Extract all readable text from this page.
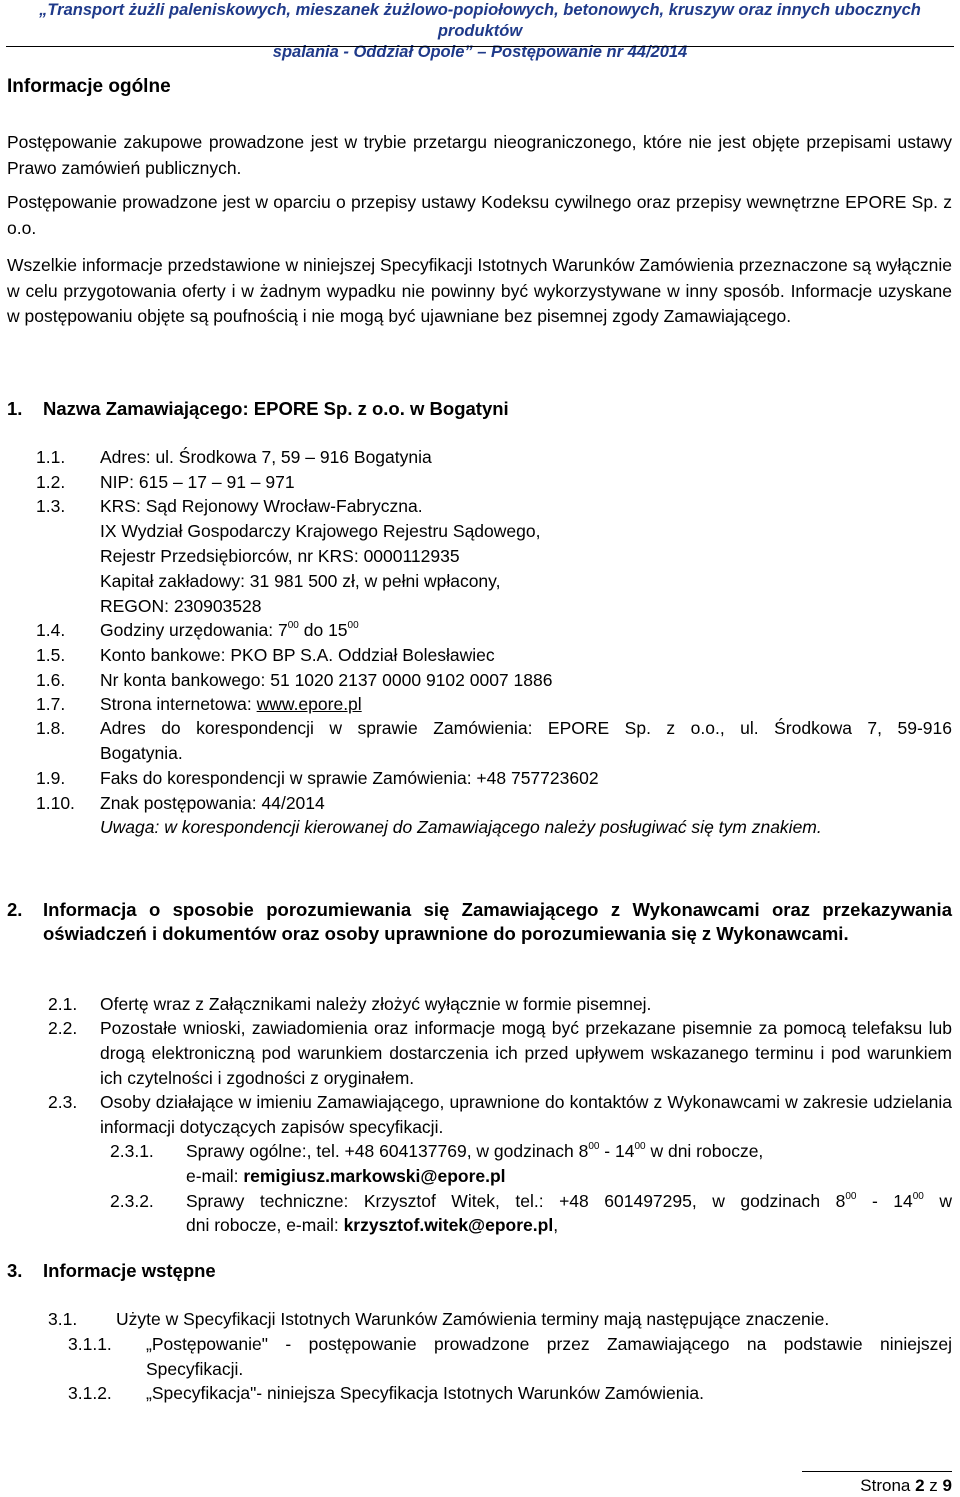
„Transport żużli paleniskowych, mieszanek żużlowo-popiołowych, betonowych, kruszyw oraz innych ubocznych produktów
spalania - Oddział Opole” – Postępowanie nr 44/2014
Informacje ogólne
Postępowanie zakupowe prowadzone jest w trybie przetargu nieograniczonego, które nie jest objęte przepisami ustawy Prawo zamówień publicznych.
Postępowanie prowadzone jest w oparciu o przepisy ustawy Kodeksu cywilnego oraz przepisy wewnętrzne EPORE Sp. z o.o.
Wszelkie informacje przedstawione w niniejszej Specyfikacji Istotnych Warunków Zamówienia przeznaczone są wyłącznie w celu przygotowania oferty i w żadnym wypadku nie powinny być wykorzystywane w inny sposób. Informacje uzyskane w postępowaniu objęte są poufnością i nie mogą być ujawniane bez pisemnej zgody Zamawiającego.
1. Nazwa Zamawiającego: EPORE Sp. z o.o. w Bogatyni
1.1. Adres: ul. Środkowa 7, 59 – 916 Bogatynia
1.2. NIP: 615 – 17 – 91 – 971
1.3. KRS: Sąd Rejonowy Wrocław-Fabryczna.
IX Wydział Gospodarczy Krajowego Rejestru Sądowego,
Rejestr Przedsiębiorców, nr KRS: 0000112935
Kapitał zakładowy: 31 981 500 zł, w pełni wpłacony,
REGON: 230903528
1.4. Godziny urzędowania: $7^{00}$ do $15^{00}$
1.5. Konto bankowe: PKO BP S.A. Oddział Bolesławiec
1.6. Nr konta bankowego: 51 1020 2137 0000 9102 0007 1886
1.7. Strona internetowa: www.epore.pl
1.8. Adres do korespondencji w sprawie Zamówienia: EPORE Sp. z o.o., ul. Środkowa 7, 59-916
Bogatynia.
1.9. Faks do korespondencji w sprawie Zamówienia: +48 757723602
1.10. Znak postępowania: 44/2014
Uwaga: w korespondencji kierowanej do Zamawiającego należy posługiwać się tym znakiem.
2. Informacja o sposobie porozumiewania się Zamawiającego z Wykonawcami oraz przekazywania oświadczeń i dokumentów oraz osoby uprawnione do porozumiewania się z Wykonawcami.
2.1. Ofertę wraz z Załącznikami należy złożyć wyłącznie w formie pisemnej.
2.2. Pozostałe wnioski, zawiadomienia oraz informacje mogą być przekazane pisemnie za pomocą telefaksu lub drogą elektroniczną pod warunkiem dostarczenia ich przed upływem wskazanego terminu i pod warunkiem ich czytelności i zgodności z oryginałem.
2.3. Osoby działające w imieniu Zamawiającego, uprawnione do kontaktów z Wykonawcami w zakresie udzielania informacji dotyczących zapisów specyfikacji.
2.3.1. Sprawy ogólne:, tel. +48 604137769, w godzinach $8^{00} - 14^{00}$ w dni robocze,
e-mail: remigiusz.markowski@epore.pl
2.3.2. Sprawy techniczne: Krzysztof Witek, tel.: +48 601497295, w godzinach $8^{00} - 14^{00}$ w
dni robocze, e-mail: krzysztof.witek@epore.pl,
3. Informacje wstępne
3.1. Użyte w Specyfikacji Istotnych Warunków Zamówienia terminy mają następujące znaczenie.
3.1.1. „Postępowanie" - postępowanie prowadzone przez Zamawiającego na podstawie niniejszej Specyfikacji.
3.1.2. „Specyfikacja"- niniejsza Specyfikacja Istotnych Warunków Zamówienia.
Strona 2 z 9
